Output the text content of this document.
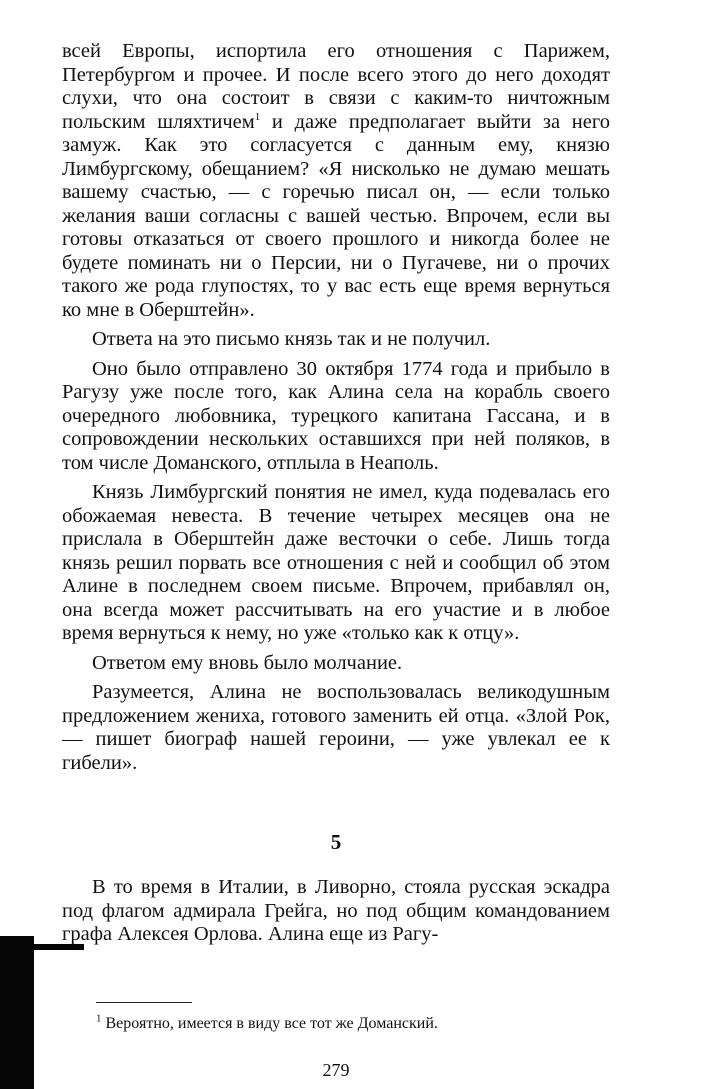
всей Европы, испортила его отношения с Парижем, Петербургом и прочее. И после всего этого до него доходят слухи, что она состоит в связи с каким-то ничтожным польским шляхтичем$^1$ и даже предполагает выйти за него замуж. Как это согласуется с данным ему, князю Лимбургскому, обещанием? «Я нисколько не думаю мешать вашему счастью, — с горечью писал он, — если только желания ваши согласны с вашей честью. Впрочем, если вы готовы отказаться от своего прошлого и никогда более не будете поминать ни о Персии, ни о Пугачеве, ни о прочих такого же рода глупостях, то у вас есть еще время вернуться ко мне в Оберштейн».

Ответа на это письмо князь так и не получил.

Оно было отправлено 30 октября 1774 года и прибыло в Рагузу уже после того, как Алина села на корабль своего очередного любовника, турецкого капитана Гассана, и в сопровождении нескольких оставшихся при ней поляков, в том числе Доманского, отплыла в Неаполь.

Князь Лимбургский понятия не имел, куда подевалась его обожаемая невеста. В течение четырех месяцев она не прислала в Оберштейн даже весточки о себе. Лишь тогда князь решил порвать все отношения с ней и сообщил об этом Алине в последнем своем письме. Впрочем, прибавлял он, она всегда может рассчитывать на его участие и в любое время вернуться к нему, но уже «только как к отцу».

Ответом ему вновь было молчание.

Разумеется, Алина не воспользовалась великодушным предложением жениха, готового заменить ей отца. «Злой Рок, — пишет биограф нашей героини, — уже увлекал ее к гибели».

5

В то время в Италии, в Ливорно, стояла русская эскадра под флагом адмирала Грейга, но под общим командованием графа Алексея Орлова. Алина еще из Рагу-

$^1$ Вероятно, имеется в виду все тот же Доманский.
279
